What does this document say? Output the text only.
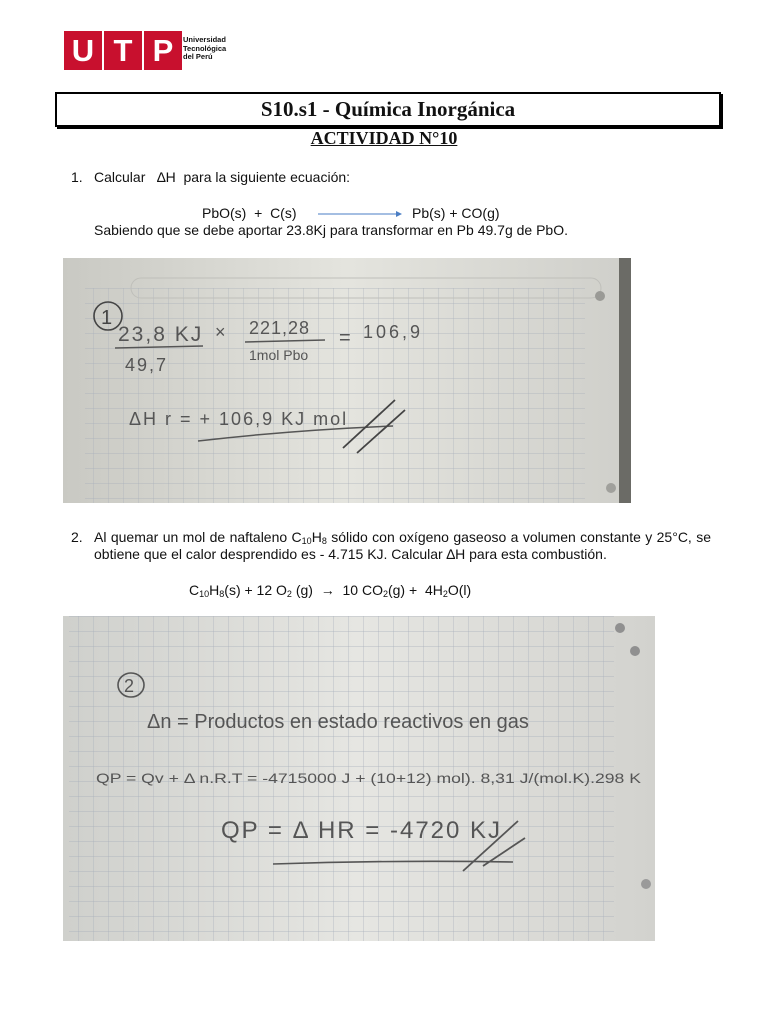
U T P	Universidad
Tecnológica
del Perú
S10.s1 - Química Inorgánica
ACTIVIDAD N°10
1. Calcular   ∆H  para la siguiente ecuación:
PbO(s)  +  C(s)	Pb(s) + CO(g)
Sabiendo que se debe aportar 23.8Kj para transformar en Pb 49.7g de PbO.
1
23,8 KJ
49,7
× 221,28
1mol Pbo
= 106,9
ΔH r = + 106,9 KJ mol
2. Al quemar un mol de naftaleno $C_{10}H_8$ sólido con oxígeno gaseoso a volumen constante y 25°C, se obtiene que el calor desprendido es - 4.715 KJ. Calcular ∆H para esta combustión.
$C_{10}H_8(s) + 12$ $O_2$ (g)  →  10 $CO_2(g) + 4H_2O(l)$
2
Δn = Productos en estado reactivos en gas
QP = Qv + Δ n.R.T = -4715000 J + (10+12) mol). 8,31 J/(mol.K).298 K
QP = Δ HR = -4720 KJ
